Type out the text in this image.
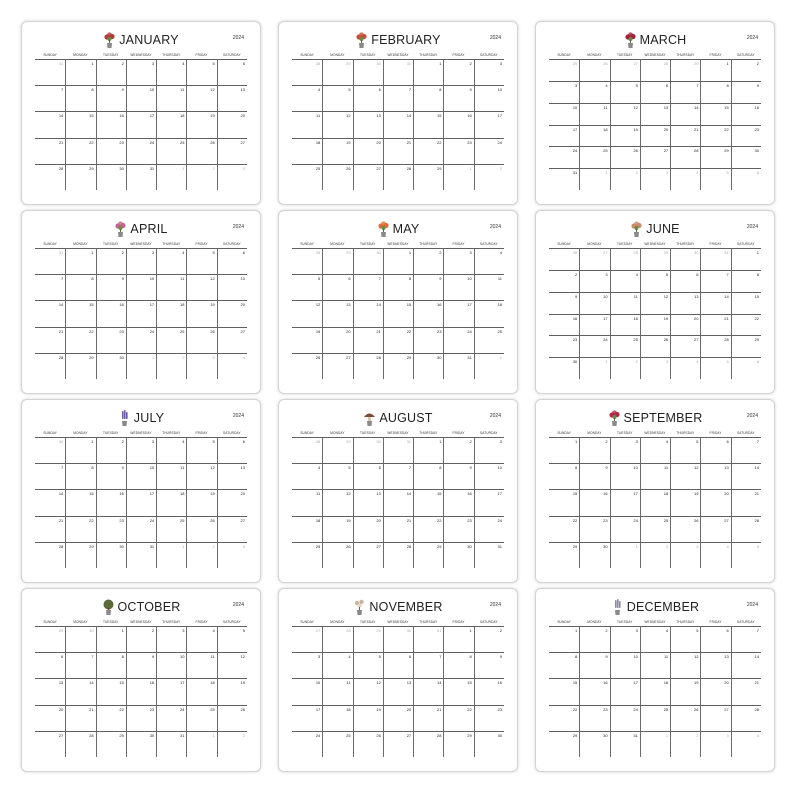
JANUARY	2024
SUNDAY	MONDAY	TUESDAY	WEDNESDAY	THURSDAY	FRIDAY	SATURDAY
31	1	2	3	4	5	6
7	8	9	10	11	12	13
14	15	16	17	18	19	20
21	22	23	24	25	26	27
28	29	30	31	1	2	3
FEBRUARY	2024
SUNDAY	MONDAY	TUESDAY	WEDNESDAY	THURSDAY	FRIDAY	SATURDAY
28	29	30	31	1	2	3
4	5	6	7	8	9	10
11	12	13	14	15	16	17
18	19	20	21	22	23	24
25	26	27	28	29	1	2
MARCH	2024
SUNDAY	MONDAY	TUESDAY	WEDNESDAY	THURSDAY	FRIDAY	SATURDAY
25	26	27	28	29	1	2
3	4	5	6	7	8	9
10	11	12	13	14	15	16
17	18	19	20	21	22	23
24	25	26	27	28	29	30
31	1	2	3	4	5	6
APRIL	2024
SUNDAY	MONDAY	TUESDAY	WEDNESDAY	THURSDAY	FRIDAY	SATURDAY
31	1	2	3	4	5	6
7	8	9	10	11	12	13
14	15	16	17	18	19	20
21	22	23	24	25	26	27
28	29	30	1	2	3	4
MAY	2024
SUNDAY	MONDAY	TUESDAY	WEDNESDAY	THURSDAY	FRIDAY	SATURDAY
28	29	30	1	2	3	4
5	6	7	8	9	10	11
12	13	14	15	16	17	18
19	20	21	22	23	24	25
26	27	28	29	30	31	1
JUNE	2024
SUNDAY	MONDAY	TUESDAY	WEDNESDAY	THURSDAY	FRIDAY	SATURDAY
26	27	28	29	30	31	1
2	3	4	5	6	7	8
9	10	11	12	13	14	15
16	17	18	19	20	21	22
23	24	25	26	27	28	29
30	1	2	3	4	5	6
JULY	2024
SUNDAY	MONDAY	TUESDAY	WEDNESDAY	THURSDAY	FRIDAY	SATURDAY
30	1	2	3	4	5	6
7	8	9	10	11	12	13
14	15	16	17	18	19	20
21	22	23	24	25	26	27
28	29	30	31	1	2	3
AUGUST	2024
SUNDAY	MONDAY	TUESDAY	WEDNESDAY	THURSDAY	FRIDAY	SATURDAY
28	29	30	31	1	2	3
4	5	6	7	8	9	10
11	12	13	14	15	16	17
18	19	20	21	22	23	24
25	26	27	28	29	30	31
SEPTEMBER	2024
SUNDAY	MONDAY	TUESDAY	WEDNESDAY	THURSDAY	FRIDAY	SATURDAY
1	2	3	4	5	6	7
8	9	10	11	12	13	14
15	16	17	18	19	20	21
22	23	24	25	26	27	28
29	30	1	2	3	4	5
OCTOBER	2024
SUNDAY	MONDAY	TUESDAY	WEDNESDAY	THURSDAY	FRIDAY	SATURDAY
29	30	1	2	3	4	5
6	7	8	9	10	11	12
13	14	15	16	17	18	19
20	21	22	23	24	25	26
27	28	29	30	31	1	2
NOVEMBER	2024
SUNDAY	MONDAY	TUESDAY	WEDNESDAY	THURSDAY	FRIDAY	SATURDAY
27	28	29	30	31	1	2
3	4	5	6	7	8	9
10	11	12	13	14	15	16
17	18	19	20	21	22	23
24	25	26	27	28	29	30
DECEMBER	2024
SUNDAY	MONDAY	TUESDAY	WEDNESDAY	THURSDAY	FRIDAY	SATURDAY
1	2	3	4	5	6	7
8	9	10	11	12	13	14
15	16	17	18	19	20	21
22	23	24	25	26	27	28
29	30	31	1	2	3	4
